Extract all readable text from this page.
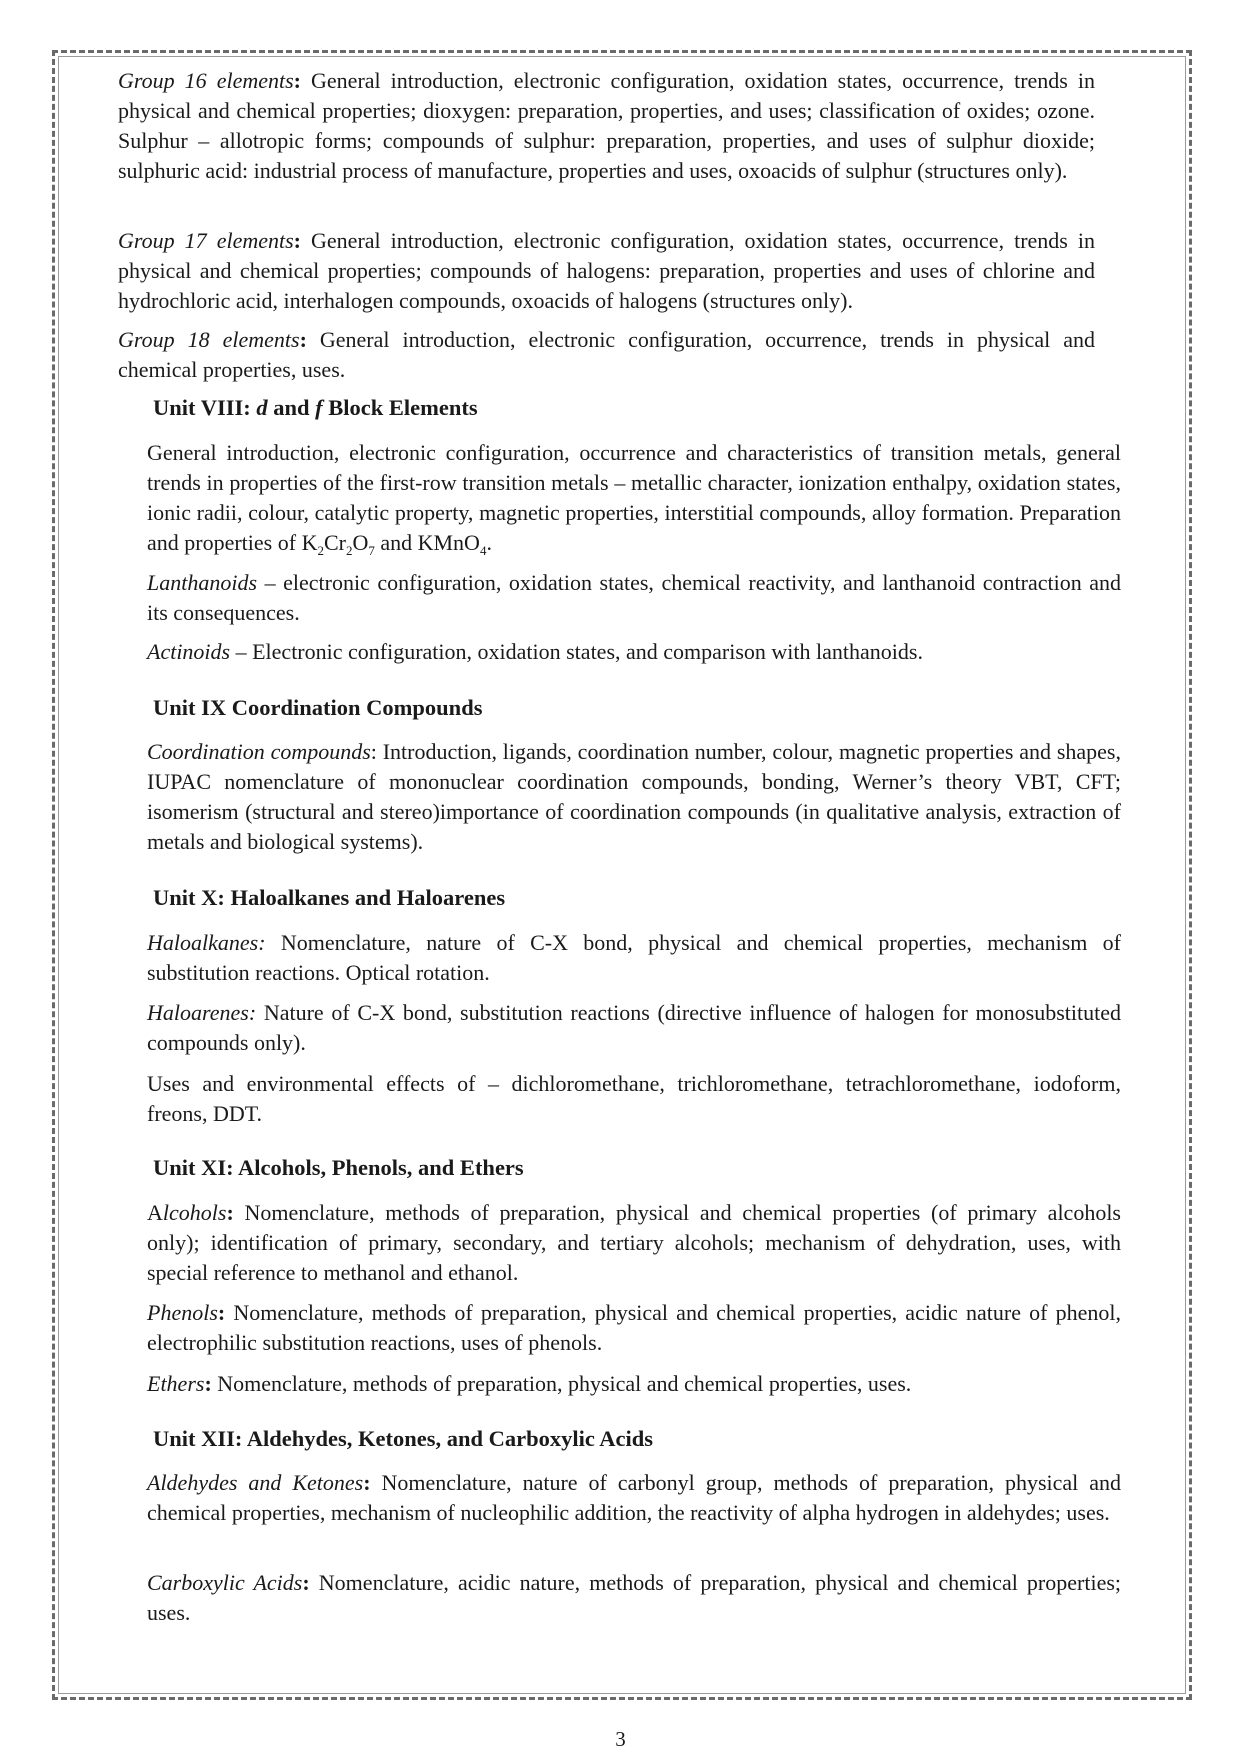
Group 16 elements: General introduction, electronic configuration, oxidation states, occurrence, trends in physical and chemical properties; dioxygen: preparation, properties, and uses; classification of oxides; ozone. Sulphur – allotropic forms; compounds of sulphur: preparation, properties, and uses of sulphur dioxide; sulphuric acid: industrial process of manufacture, properties and uses, oxoacids of sulphur (structures only).

Group 17 elements: General introduction, electronic configuration, oxidation states, occurrence, trends in physical and chemical properties; compounds of halogens: preparation, properties and uses of chlorine and hydrochloric acid, interhalogen compounds, oxoacids of halogens (structures only).

Group 18 elements: General introduction, electronic configuration, occurrence, trends in physical and chemical properties, uses.

Unit VIII: d and f Block Elements

General introduction, electronic configuration, occurrence and characteristics of transition metals, general trends in properties of the first-row transition metals – metallic character, ionization enthalpy, oxidation states, ionic radii, colour, catalytic property, magnetic properties, interstitial compounds, alloy formation. Preparation and properties of $K_2Cr_2O_7$ and KMnO$_4$.

Lanthanoids – electronic configuration, oxidation states, chemical reactivity, and lanthanoid contraction and its consequences.

Actinoids – Electronic configuration, oxidation states, and comparison with lanthanoids.

Unit IX Coordination Compounds

Coordination compounds: Introduction, ligands, coordination number, colour, magnetic properties and shapes, IUPAC nomenclature of mononuclear coordination compounds, bonding, Werner’s theory VBT, CFT; isomerism (structural and stereo)importance of coordination compounds (in qualitative analysis, extraction of metals and biological systems).

Unit X: Haloalkanes and Haloarenes

Haloalkanes: Nomenclature, nature of C-X bond, physical and chemical properties, mechanism of substitution reactions. Optical rotation.

Haloarenes: Nature of C-X bond, substitution reactions (directive influence of halogen for monosubstituted compounds only).

Uses and environmental effects of – dichloromethane, trichloromethane, tetrachloromethane, iodoform, freons, DDT.

Unit XI: Alcohols, Phenols, and Ethers

Alcohols: Nomenclature, methods of preparation, physical and chemical properties (of primary alcohols only); identification of primary, secondary, and tertiary alcohols; mechanism of dehydration, uses, with special reference to methanol and ethanol.

Phenols: Nomenclature, methods of preparation, physical and chemical properties, acidic nature of phenol, electrophilic substitution reactions, uses of phenols.

Ethers: Nomenclature, methods of preparation, physical and chemical properties, uses.

Unit XII: Aldehydes, Ketones, and Carboxylic Acids

Aldehydes and Ketones: Nomenclature, nature of carbonyl group, methods of preparation, physical and chemical properties, mechanism of nucleophilic addition, the reactivity of alpha hydrogen in aldehydes; uses.

Carboxylic Acids: Nomenclature, acidic nature, methods of preparation, physical and chemical properties; uses.

3
